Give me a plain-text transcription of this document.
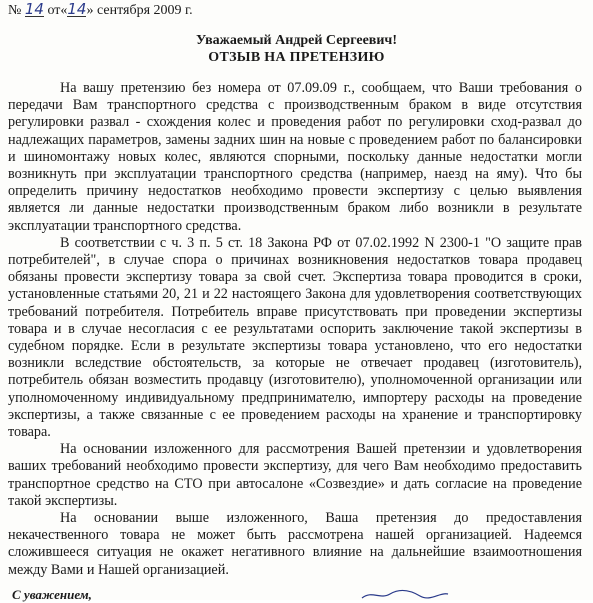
№ 14 от«14» сентября 2009 г.
Уважаемый Андрей Сергеевич!
ОТЗЫВ НА ПРЕТЕНЗИЮ

На вашу претензию без номера от 07.09.09 г., сообщаем, что Ваши требования о передачи Вам транспортного средства с производственным браком в виде отсутствия регулировки развал - схождения колес и проведения работ по регулировки сход-развал до надлежащих параметров, замены задних шин на новые с проведением работ по балансировки и шиномонтажу новых колес, являются спорными, поскольку данные недостатки могли возникнуть при эксплуатации транспортного средства (например, наезд на яму). Что бы определить причину недостатков необходимо провести экспертизу с целью выявления является ли данные недостатки производственным браком либо возникли в результате эксплуатации транспортного средства.

В соответствии с ч. 3 п. 5 ст. 18 Закона РФ от 07.02.1992 N 2300-1 "О защите прав потребителей", в случае спора о причинах возникновения недостатков товара продавец обязаны провести экспертизу товара за свой счет. Экспертиза товара проводится в сроки, установленные статьями 20, 21 и 22 настоящего Закона для удовлетворения соответствующих требований потребителя. Потребитель вправе присутствовать при проведении экспертизы товара и в случае несогласия с ее результатами оспорить заключение такой экспертизы в судебном порядке. Если в результате экспертизы товара установлено, что его недостатки возникли вследствие обстоятельств, за которые не отвечает продавец (изготовитель), потребитель обязан возместить продавцу (изготовителю), уполномоченной организации или уполномоченному индивидуальному предпринимателю, импортеру расходы на проведение экспертизы, а также связанные с ее проведением расходы на хранение и транспортировку товара.

На основании изложенного для рассмотрения Вашей претензии и удовлетворения ваших требований необходимо провести экспертизу, для чего Вам необходимо предоставить транспортное средство на СТО при автосалоне «Созвездие» и дать согласие на проведение такой экспертизы.

На основании выше изложенного, Ваша претензия до предоставления некачественного товара не может быть рассмотрена нашей организацией. Надеемся сложившееся ситуация не окажет негативного влияние на дальнейшие взаимоотношения между Вами и Нашей организацией.

С уважением,
